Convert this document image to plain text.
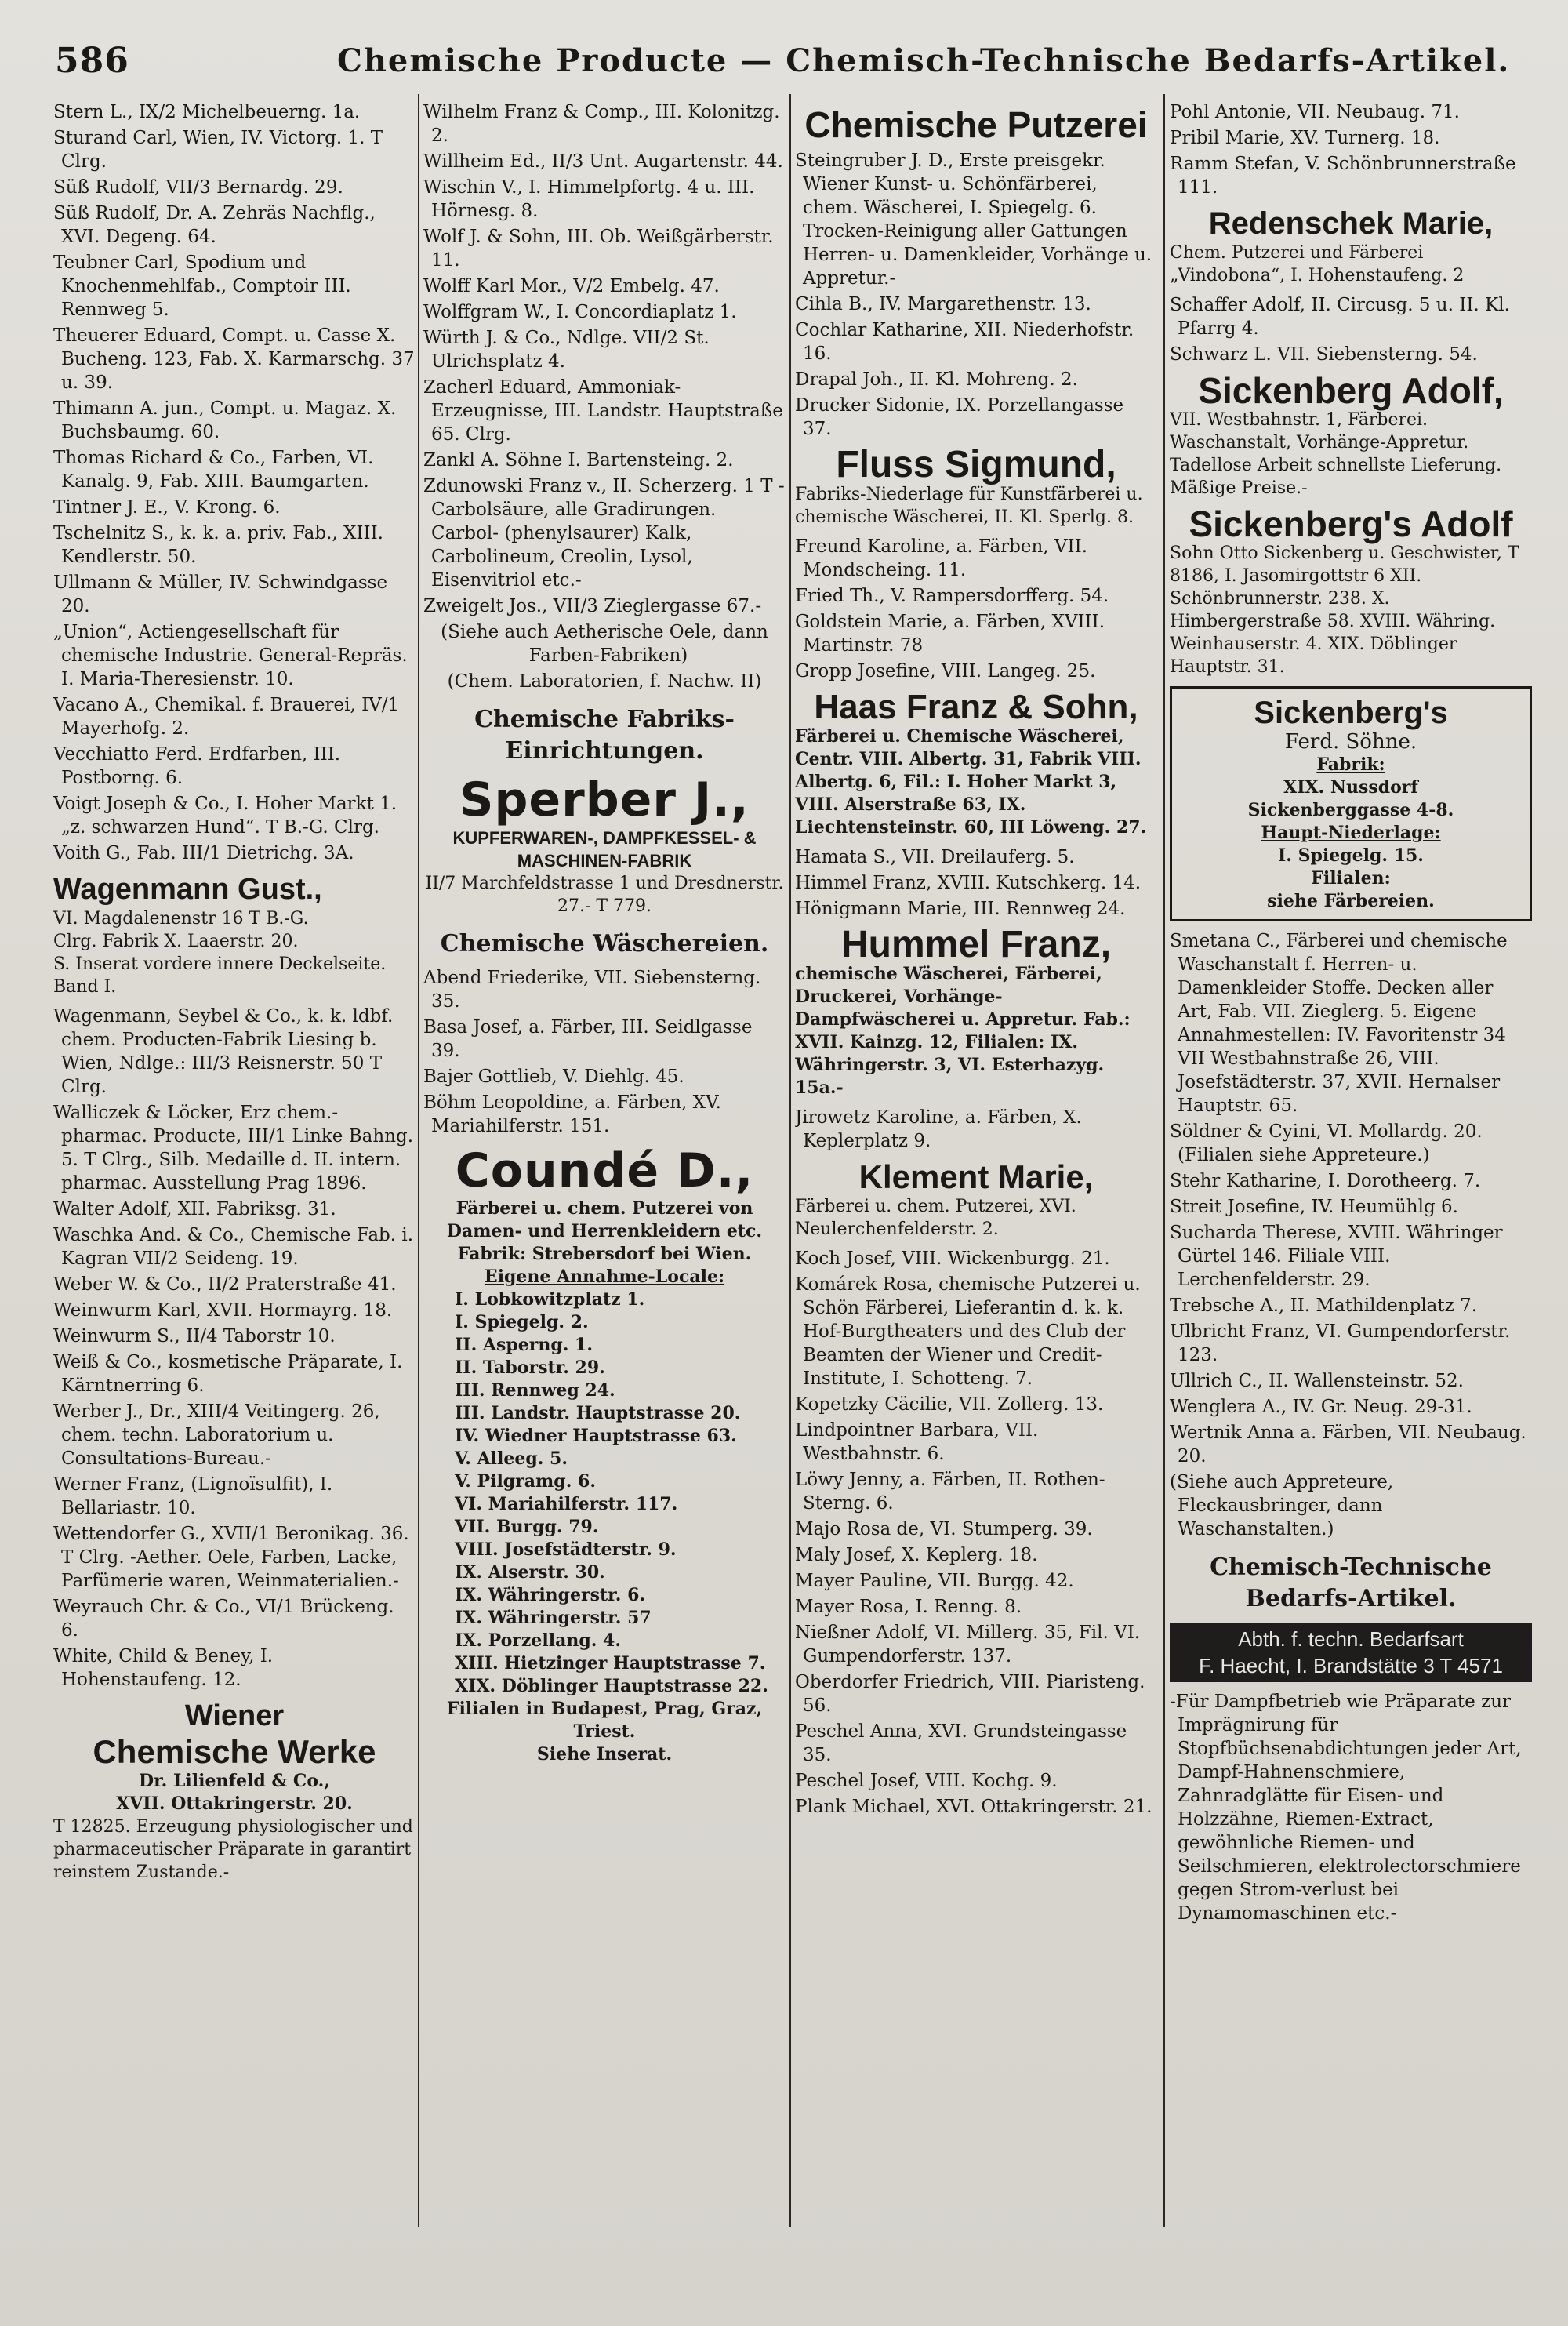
586	Chemische Producte — Chemisch-Technische Bedarfs-Artikel.
Stern L., IX/2 Michelbeuerng. 1a.
Sturand Carl, Wien, IV. Victorg. 1. T Clrg.
Süß Rudolf, VII/3 Bernardg. 29.
Süß Rudolf, Dr. A. Zehräs Nachflg., XVI. Degeng. 64.
Teubner Carl, Spodium und Knochenmehlfab., Comptoir III. Rennweg 5.
Theuerer Eduard, Compt. u. Casse X. Bucheng. 123, Fab. X. Karmarschg. 37 u. 39.
Thimann A. jun., Compt. u. Magaz. X. Buchsbaumg. 60.
Thomas Richard & Co., Farben, VI. Kanalg. 9, Fab. XIII. Baumgarten.
Tintner J. E., V. Krong. 6.
Tschelnitz S., k. k. a. priv. Fab., XIII. Kendlerstr. 50.
Ullmann & Müller, IV. Schwindgasse 20.
„Union“, Actiengesellschaft für chemische Industrie. General-Repräs. I. Maria-Theresienstr. 10.
Vacano A., Chemikal. f. Brauerei, IV/1 Mayerhofg. 2.
Vecchiatto Ferd. Erdfarben, III. Postborng. 6.
Voigt Joseph & Co., I. Hoher Markt 1. „z. schwarzen Hund“. T B.-G. Clrg.
Voith G., Fab. III/1 Dietrichg. 3A.
Wagenmann Gust.,
VI. Magdalenenstr 16 T B.-G.
Clrg. Fabrik X. Laaerstr. 20.
S. Inserat vordere innere Deckelseite. Band I.
Wagenmann, Seybel & Co., k. k. ldbf. chem. Producten-Fabrik Liesing b. Wien, Ndlge.: III/3 Reisnerstr. 50 T Clrg.
Walliczek & Löcker, Erz chem.-pharmac. Producte, III/1 Linke Bahng. 5. T Clrg., Silb. Medaille d. II. intern. pharmac. Ausstellung Prag 1896.
Walter Adolf, XII. Fabriksg. 31.
Waschka And. & Co., Chemische Fab. i. Kagran VII/2 Seideng. 19.
Weber W. & Co., II/2 Praterstraße 41.
Weinwurm Karl, XVII. Hormayrg. 18.
Weinwurm S., II/4 Taborstr 10.
Weiß & Co., kosmetische Präparate, I. Kärntnerring 6.
Werber J., Dr., XIII/4 Veitingerg. 26, chem. techn. Laboratorium u. Consultations-Bureau.-
Werner Franz, (Lignoïsulfit), I. Bellariastr. 10.
Wettendorfer G., XVII/1 Beronikag. 36. T Clrg. -Aether. Oele, Farben, Lacke, Parfümerie waren, Weinmaterialien.-
Weyrauch Chr. & Co., VI/1 Brückeng. 6.
White, Child & Beney, I. Hohenstaufeng. 12.
Wiener
Chemische Werke
Dr. Lilienfeld & Co.,
XVII. Ottakringerstr. 20.
T 12825. Erzeugung physiologischer und pharmaceutischer Präparate in garantirt reinstem Zustande.-
Wilhelm Franz & Comp., III. Kolonitzg. 2.
Willheim Ed., II/3 Unt. Augartenstr. 44.
Wischin V., I. Himmelpfortg. 4 u. III. Hörnesg. 8.
Wolf J. & Sohn, III. Ob. Weißgärberstr. 11.
Wolff Karl Mor., V/2 Embelg. 47.
Wolffgram W., I. Concordiaplatz 1.
Würth J. & Co., Ndlge. VII/2 St. Ulrichsplatz 4.
Zacherl Eduard, Ammoniak-Erzeugnisse, III. Landstr. Hauptstraße 65. Clrg.
Zankl A. Söhne I. Bartensteing. 2.
Zdunowski Franz v., II. Scherzerg. 1 T -Carbolsäure, alle Gradirungen. Carbol- (phenylsaurer) Kalk, Carbolineum, Creolin, Lysol, Eisenvitriol etc.-
Zweigelt Jos., VII/3 Zieglergasse 67.-
(Siehe auch Aetherische Oele, dann Farben-Fabriken)
(Chem. Laboratorien, f. Nachw. II)
Chemische Fabriks-Einrichtungen.
Sperber J.,
KUPFERWAREN-, DAMPFKESSEL- & MASCHINEN-FABRIK
II/7 Marchfeldstrasse 1 und Dresdnerstr. 27.- T 779.
Chemische Wäschereien.
Abend Friederike, VII. Siebensterng. 35.
Basa Josef, a. Färber, III. Seidlgasse 39.
Bajer Gottlieb, V. Diehlg. 45.
Böhm Leopoldine, a. Färben, XV. Mariahilferstr. 151.
Coundé D.,
Färberei u. chem. Putzerei von Damen- und Herrenkleidern etc.
Fabrik: Strebersdorf bei Wien.
Eigene Annahme-Locale:
I. Lobkowitzplatz 1.
I. Spiegelg. 2.
II. Asperng. 1.
II. Taborstr. 29.
III. Rennweg 24.
III. Landstr. Hauptstrasse 20.
IV. Wiedner Hauptstrasse 63.
V. Alleeg. 5.
V. Pilgramg. 6.
VI. Mariahilferstr. 117.
VII. Burgg. 79.
VIII. Josefstädterstr. 9.
IX. Alserstr. 30.
IX. Währingerstr. 6.
IX. Währingerstr. 57
IX. Porzellang. 4.
XIII. Hietzinger Hauptstrasse 7.
XIX. Döblinger Hauptstrasse 22.
Filialen in Budapest, Prag, Graz, Triest.
Siehe Inserat.
Chemische Putzerei
Steingruber J. D., Erste preisgekr. Wiener Kunst- u. Schönfärberei, chem. Wäscherei, I. Spiegelg. 6. Trocken-Reinigung aller Gattungen Herren- u. Damenkleider, Vorhänge u. Appretur.-
Cihla B., IV. Margarethenstr. 13.
Cochlar Katharine, XII. Niederhofstr. 16.
Drapal Joh., II. Kl. Mohreng. 2.
Drucker Sidonie, IX. Porzellangasse 37.
Fluss Sigmund,
Fabriks-Niederlage für Kunstfärberei u. chemische Wäscherei, II. Kl. Sperlg. 8.
Freund Karoline, a. Färben, VII. Mondscheing. 11.
Fried Th., V. Rampersdorfferg. 54.
Goldstein Marie, a. Färben, XVIII. Martinstr. 78
Gropp Josefine, VIII. Langeg. 25.
Haas Franz & Sohn,
Färberei u. Chemische Wäscherei, Centr. VIII. Albertg. 31, Fabrik VIII. Albertg. 6, Fil.: I. Hoher Markt 3, VIII. Alserstraße 63, IX. Liechtensteinstr. 60, III Löweng. 27.
Hamata S., VII. Dreilauferg. 5.
Himmel Franz, XVIII. Kutschkerg. 14.
Hönigmann Marie, III. Rennweg 24.
Hummel Franz,
chemische Wäscherei, Färberei, Druckerei, Vorhänge-Dampfwäscherei u. Appretur. Fab.: XVII. Kainzg. 12, Filialen: IX. Währingerstr. 3, VI. Esterhazyg. 15a.-
Jirowetz Karoline, a. Färben, X. Keplerplatz 9.
Klement Marie,
Färberei u. chem. Putzerei, XVI. Neulerchenfelderstr. 2.
Koch Josef, VIII. Wickenburgg. 21.
Komárek Rosa, chemische Putzerei u. Schön Färberei, Lieferantin d. k. k. Hof-Burgtheaters und des Club der Beamten der Wiener und Credit-Institute, I. Schotteng. 7.
Kopetzky Cäcilie, VII. Zollerg. 13.
Lindpointner Barbara, VII. Westbahnstr. 6.
Löwy Jenny, a. Färben, II. Rothen-Sterng. 6.
Majo Rosa de, VI. Stumperg. 39.
Maly Josef, X. Keplerg. 18.
Mayer Pauline, VII. Burgg. 42.
Mayer Rosa, I. Renng. 8.
Nießner Adolf, VI. Millerg. 35, Fil. VI. Gumpendorferstr. 137.
Oberdorfer Friedrich, VIII. Piaristeng. 56.
Peschel Anna, XVI. Grundsteingasse 35.
Peschel Josef, VIII. Kochg. 9.
Plank Michael, XVI. Ottakringerstr. 21.
Pohl Antonie, VII. Neubaug. 71.
Pribil Marie, XV. Turnerg. 18.
Ramm Stefan, V. Schönbrunnerstraße 111.
Redenschek Marie,
Chem. Putzerei und Färberei „Vindobona“, I. Hohenstaufeng. 2
Schaffer Adolf, II. Circusg. 5 u. II. Kl. Pfarrg 4.
Schwarz L. VII. Siebensterng. 54.
Sickenberg Adolf,
VII. Westbahnstr. 1, Färberei. Waschanstalt, Vorhänge-Appretur. Tadellose Arbeit schnellste Lieferung. Mäßige Preise.-
Sickenberg's Adolf
Sohn Otto Sickenberg u. Geschwister, T 8186, I. Jasomirgottstr 6 XII. Schönbrunnerstr. 238. X. Himbergerstraße 58. XVIII. Währing. Weinhauserstr. 4. XIX. Döblinger Hauptstr. 31.
Sickenberg's
Ferd. Söhne.
Fabrik:
XIX. Nussdorf
Sickenberggasse 4-8.
Haupt-Niederlage:
I. Spiegelg. 15.
Filialen:
siehe Färbereien.
Smetana C., Färberei und chemische Waschanstalt f. Herren- u. Damenkleider Stoffe. Decken aller Art, Fab. VII. Zieglerg. 5. Eigene Annahmestellen: IV. Favoritenstr 34 VII Westbahnstraße 26, VIII. Josefstädterstr. 37, XVII. Hernalser Hauptstr. 65.
Söldner & Cyini, VI. Mollardg. 20. (Filialen siehe Appreteure.)
Stehr Katharine, I. Dorotheerg. 7.
Streit Josefine, IV. Heumühlg 6.
Sucharda Therese, XVIII. Währinger Gürtel 146. Filiale VIII. Lerchenfelderstr. 29.
Trebsche A., II. Mathildenplatz 7.
Ulbricht Franz, VI. Gumpendorferstr. 123.
Ullrich C., II. Wallensteinstr. 52.
Wenglera A., IV. Gr. Neug. 29-31.
Wertnik Anna a. Färben, VII. Neubaug. 20.
(Siehe auch Appreteure, Fleckausbringer, dann Waschanstalten.)
Chemisch-Technische Bedarfs-Artikel.
Abth. f. techn. Bedarfsart
F. Haecht, I. Brandstätte 3 T 4571
-Für Dampfbetrieb wie Präparate zur Imprägnirung für Stopfbüchsenabdichtungen jeder Art, Dampf-Hahnenschmiere, Zahnradglätte für Eisen- und Holzzähne, Riemen-Extract, gewöhnliche Riemen- und Seilschmieren, elektrolectorschmiere gegen Strom-verlust bei Dynamomaschinen etc.-
